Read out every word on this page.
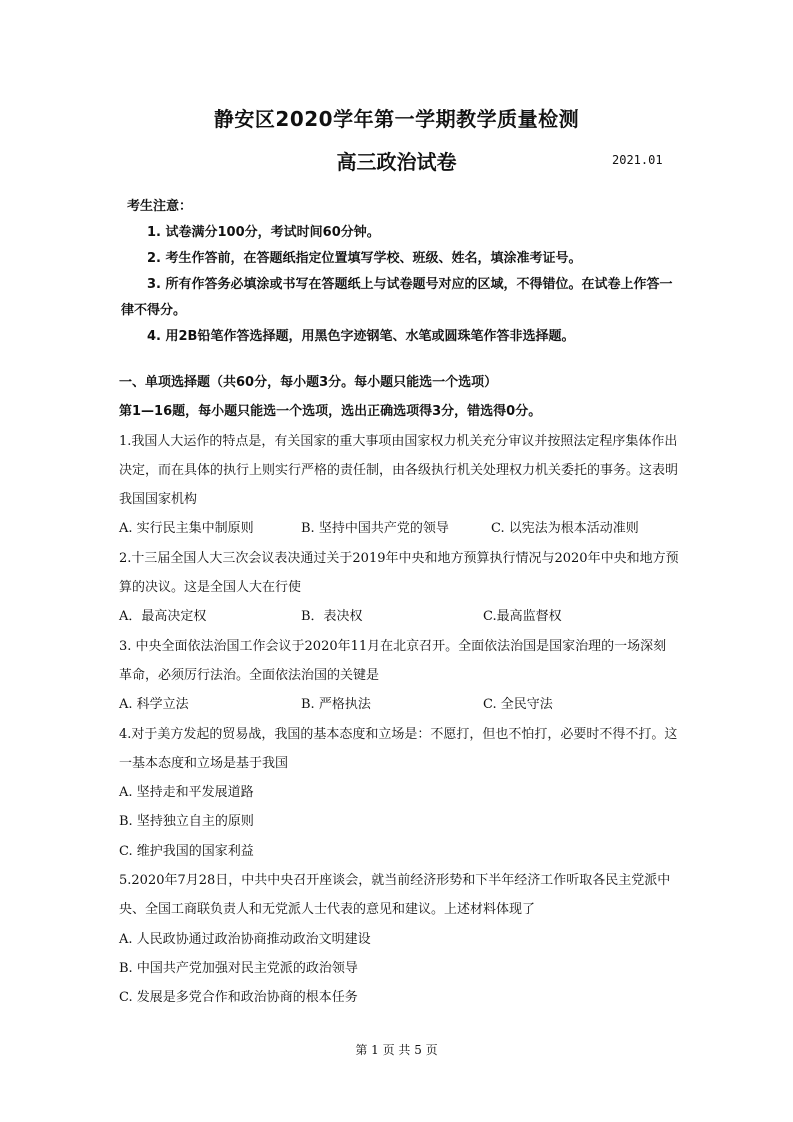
静安区2020学年第一学期教学质量检测
高三政治试卷	2021.01
考生注意：
1. 试卷满分100分，考试时间60分钟。
2. 考生作答前，在答题纸指定位置填写学校、班级、姓名，填涂准考证号。
3. 所有作答务必填涂或书写在答题纸上与试卷题号对应的区域，不得错位。在试卷上作答一律不得分。
4. 用2B铅笔作答选择题，用黑色字迹钢笔、水笔或圆珠笔作答非选择题。
一、单项选择题（共60分，每小题3分。每小题只能选一个选项）
第1—16题，每小题只能选一个选项，选出正确选项得3分，错选得0分。
1.我国人大运作的特点是，有关国家的重大事项由国家权力机关充分审议并按照法定程序集体作出决定，而在具体的执行上则实行严格的责任制，由各级执行机关处理权力机关委托的事务。这表明我国国家机构
A. 实行民主集中制原则	B. 坚持中国共产党的领导	C. 以宪法为根本活动准则
2.十三届全国人大三次会议表决通过关于2019年中央和地方预算执行情况与2020年中央和地方预算的决议。这是全国人大在行使
A．最高决定权	B．表决权	C.最高监督权
3. 中央全面依法治国工作会议于2020年11月在北京召开。全面依法治国是国家治理的一场深刻革命，必须厉行法治。全面依法治国的关键是
A. 科学立法	B. 严格执法	C. 全民守法
4.对于美方发起的贸易战，我国的基本态度和立场是：不愿打，但也不怕打，必要时不得不打。这一基本态度和立场是基于我国
A. 坚持走和平发展道路
B. 坚持独立自主的原则
C. 维护我国的国家利益
5.2020年7月28日，中共中央召开座谈会，就当前经济形势和下半年经济工作听取各民主党派中央、全国工商联负责人和无党派人士代表的意见和建议。上述材料体现了
A. 人民政协通过政治协商推动政治文明建设
B. 中国共产党加强对民主党派的政治领导
C. 发展是多党合作和政治协商的根本任务
第 1 页 共 5 页
